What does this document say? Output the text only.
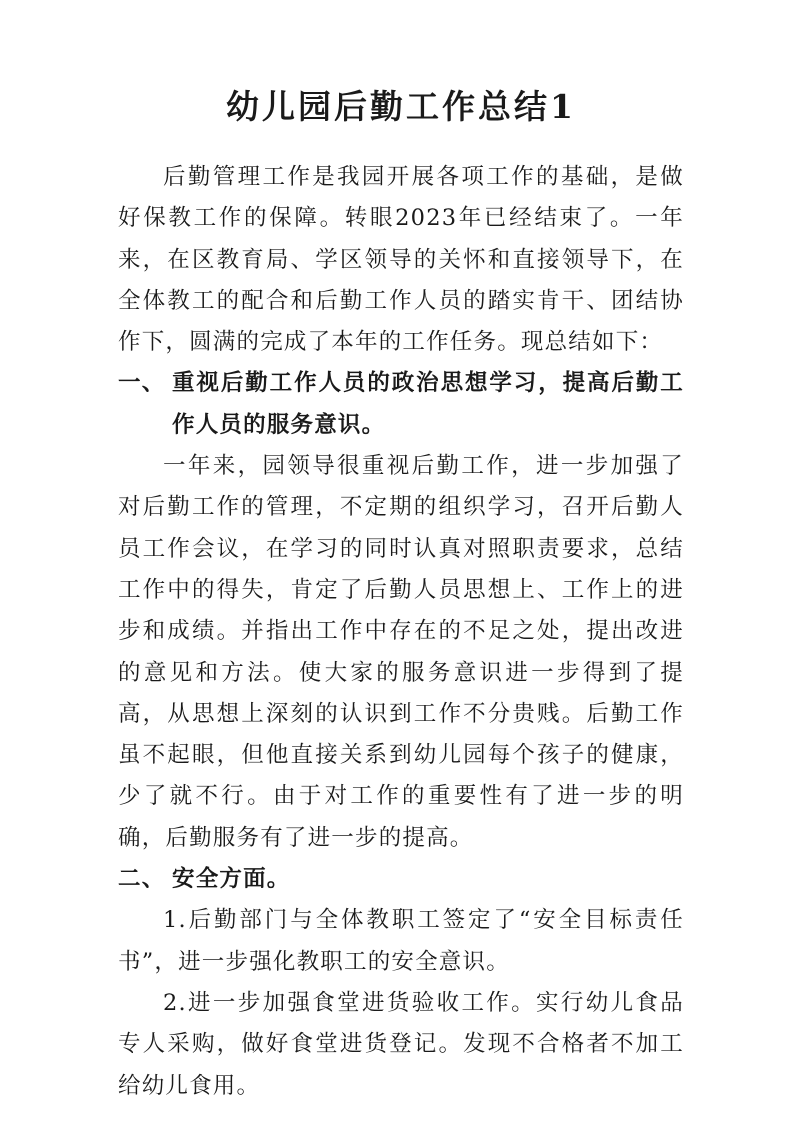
幼儿园后勤工作总结1

后勤管理工作是我园开展各项工作的基础，是做好保教工作的保障。转眼2023年已经结束了。一年来，在区教育局、学区领导的关怀和直接领导下，在全体教工的配合和后勤工作人员的踏实肯干、团结协作下，圆满的完成了本年的工作任务。现总结如下：

一、 重视后勤工作人员的政治思想学习，提高后勤工作人员的服务意识。

一年来，园领导很重视后勤工作，进一步加强了对后勤工作的管理，不定期的组织学习，召开后勤人员工作会议，在学习的同时认真对照职责要求，总结工作中的得失，肯定了后勤人员思想上、工作上的进步和成绩。并指出工作中存在的不足之处，提出改进的意见和方法。使大家的服务意识进一步得到了提高，从思想上深刻的认识到工作不分贵贱。后勤工作虽不起眼，但他直接关系到幼儿园每个孩子的健康，少了就不行。由于对工作的重要性有了进一步的明确，后勤服务有了进一步的提高。

二、 安全方面。

1.后勤部门与全体教职工签定了“安全目标责任书”，进一步强化教职工的安全意识。

2.进一步加强食堂进货验收工作。实行幼儿食品专人采购，做好食堂进货登记。发现不合格者不加工给幼儿食用。
